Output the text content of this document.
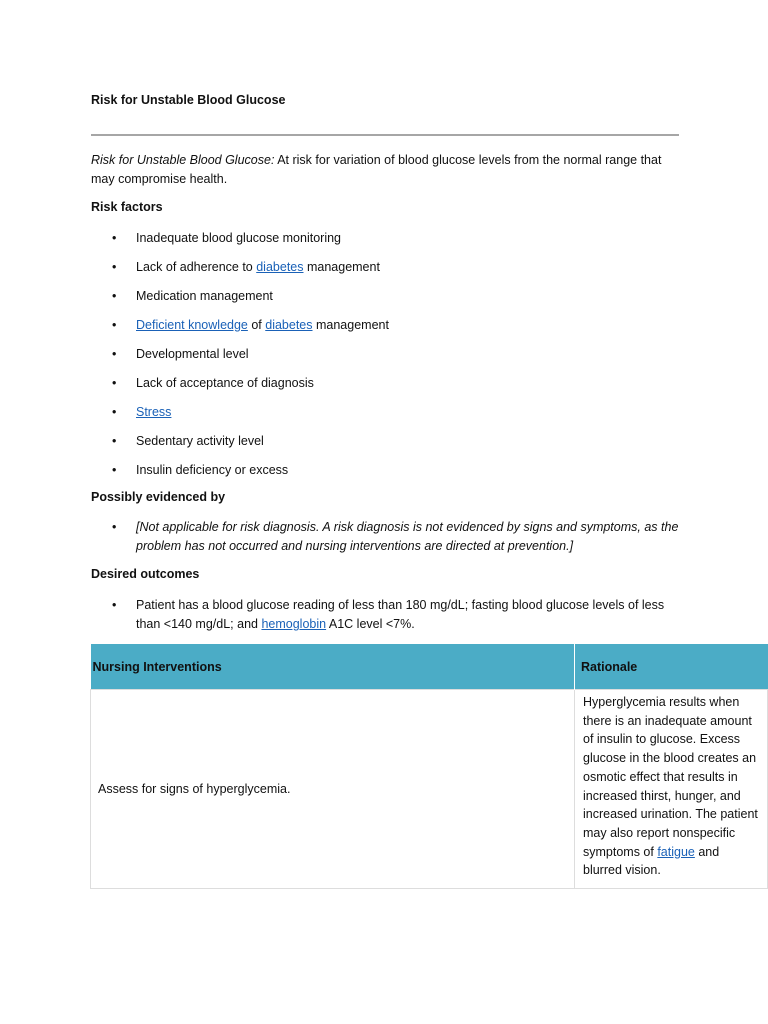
Risk for Unstable Blood Glucose

Risk for Unstable Blood Glucose: At risk for variation of blood glucose levels from the normal range that may compromise health.

Risk factors
• Inadequate blood glucose monitoring
• Lack of adherence to diabetes management
• Medication management
• Deficient knowledge of diabetes management
• Developmental level
• Lack of acceptance of diagnosis
• Stress
• Sedentary activity level
• Insulin deficiency or excess
Possibly evidenced by
• [Not applicable for risk diagnosis. A risk diagnosis is not evidenced by signs and symptoms, as the problem has not occurred and nursing interventions are directed at prevention.]
Desired outcomes
• Patient has a blood glucose reading of less than 180 mg/dL; fasting blood glucose levels of less than <140 mg/dL; and hemoglobin A1C level <7%.
Nursing Interventions	Rationale
Assess for signs of hyperglycemia.	Hyperglycemia results when there is an inadequate amount of insulin to glucose. Excess glucose in the blood creates an osmotic effect that results in increased thirst, hunger, and increased urination. The patient may also report nonspecific symptoms of fatigue and blurred vision.
